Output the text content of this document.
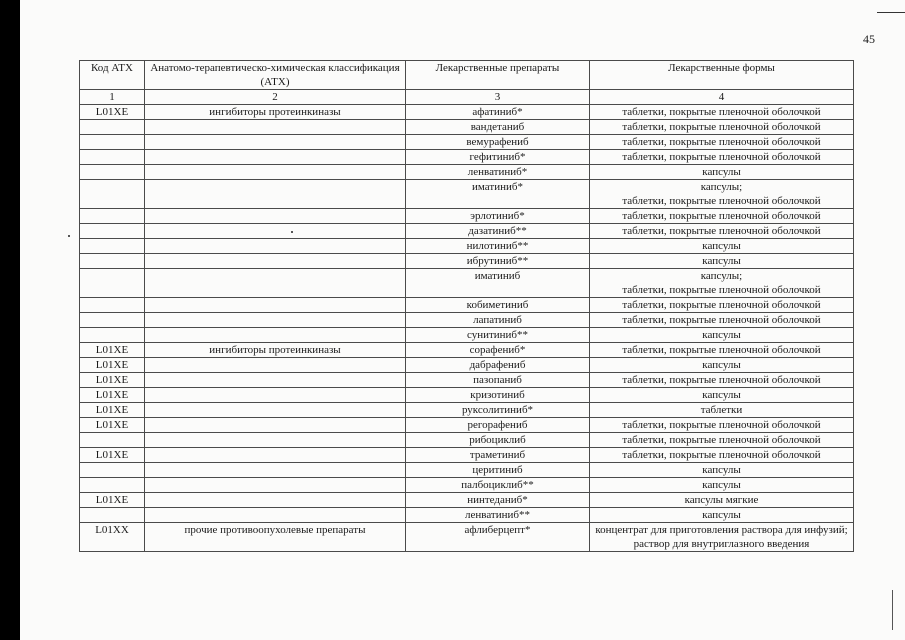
45
Код АТХ	Анатомо-терапевтическо-химическая классификация (АТХ)	Лекарственные препараты	Лекарственные формы
1	2	3	4
L01XE	ингибиторы протеинкиназы	афатиниб*	таблетки, покрытые пленочной оболочкой
		вандетаниб	таблетки, покрытые пленочной оболочкой
		вемурафениб	таблетки, покрытые пленочной оболочкой
		гефитиниб*	таблетки, покрытые пленочной оболочкой
		ленватиниб*	капсулы
		иматиниб*	капсулы;
таблетки, покрытые пленочной оболочкой
		эрлотиниб*	таблетки, покрытые пленочной оболочкой
		дазатиниб**	таблетки, покрытые пленочной оболочкой
		нилотиниб**	капсулы
		ибрутиниб**	капсулы
		иматиниб	капсулы;
таблетки, покрытые пленочной оболочкой
		кобиметиниб	таблетки, покрытые пленочной оболочкой
		лапатиниб	таблетки, покрытые пленочной оболочкой
		сунитиниб**	капсулы
L01XE	ингибиторы протеинкиназы	сорафениб*	таблетки, покрытые пленочной оболочкой
L01XE		дабрафениб	капсулы
L01XE		пазопаниб	таблетки, покрытые пленочной оболочкой
L01XE		кризотиниб	капсулы
L01XE		руксолитиниб*	таблетки
L01XE		регорафениб	таблетки, покрытые пленочной оболочкой
		рибоциклиб	таблетки, покрытые пленочной оболочкой
L01XE		траметиниб	таблетки, покрытые пленочной оболочкой
		церитиниб	капсулы
		палбоциклиб**	капсулы
L01XE		нинтеданиб*	капсулы мягкие
		ленватиниб**	капсулы
L01XX	прочие противоопухолевые препараты	афлиберцепт*	концентрат для приготовления раствора для инфузий;
раствор для внутриглазного введения
